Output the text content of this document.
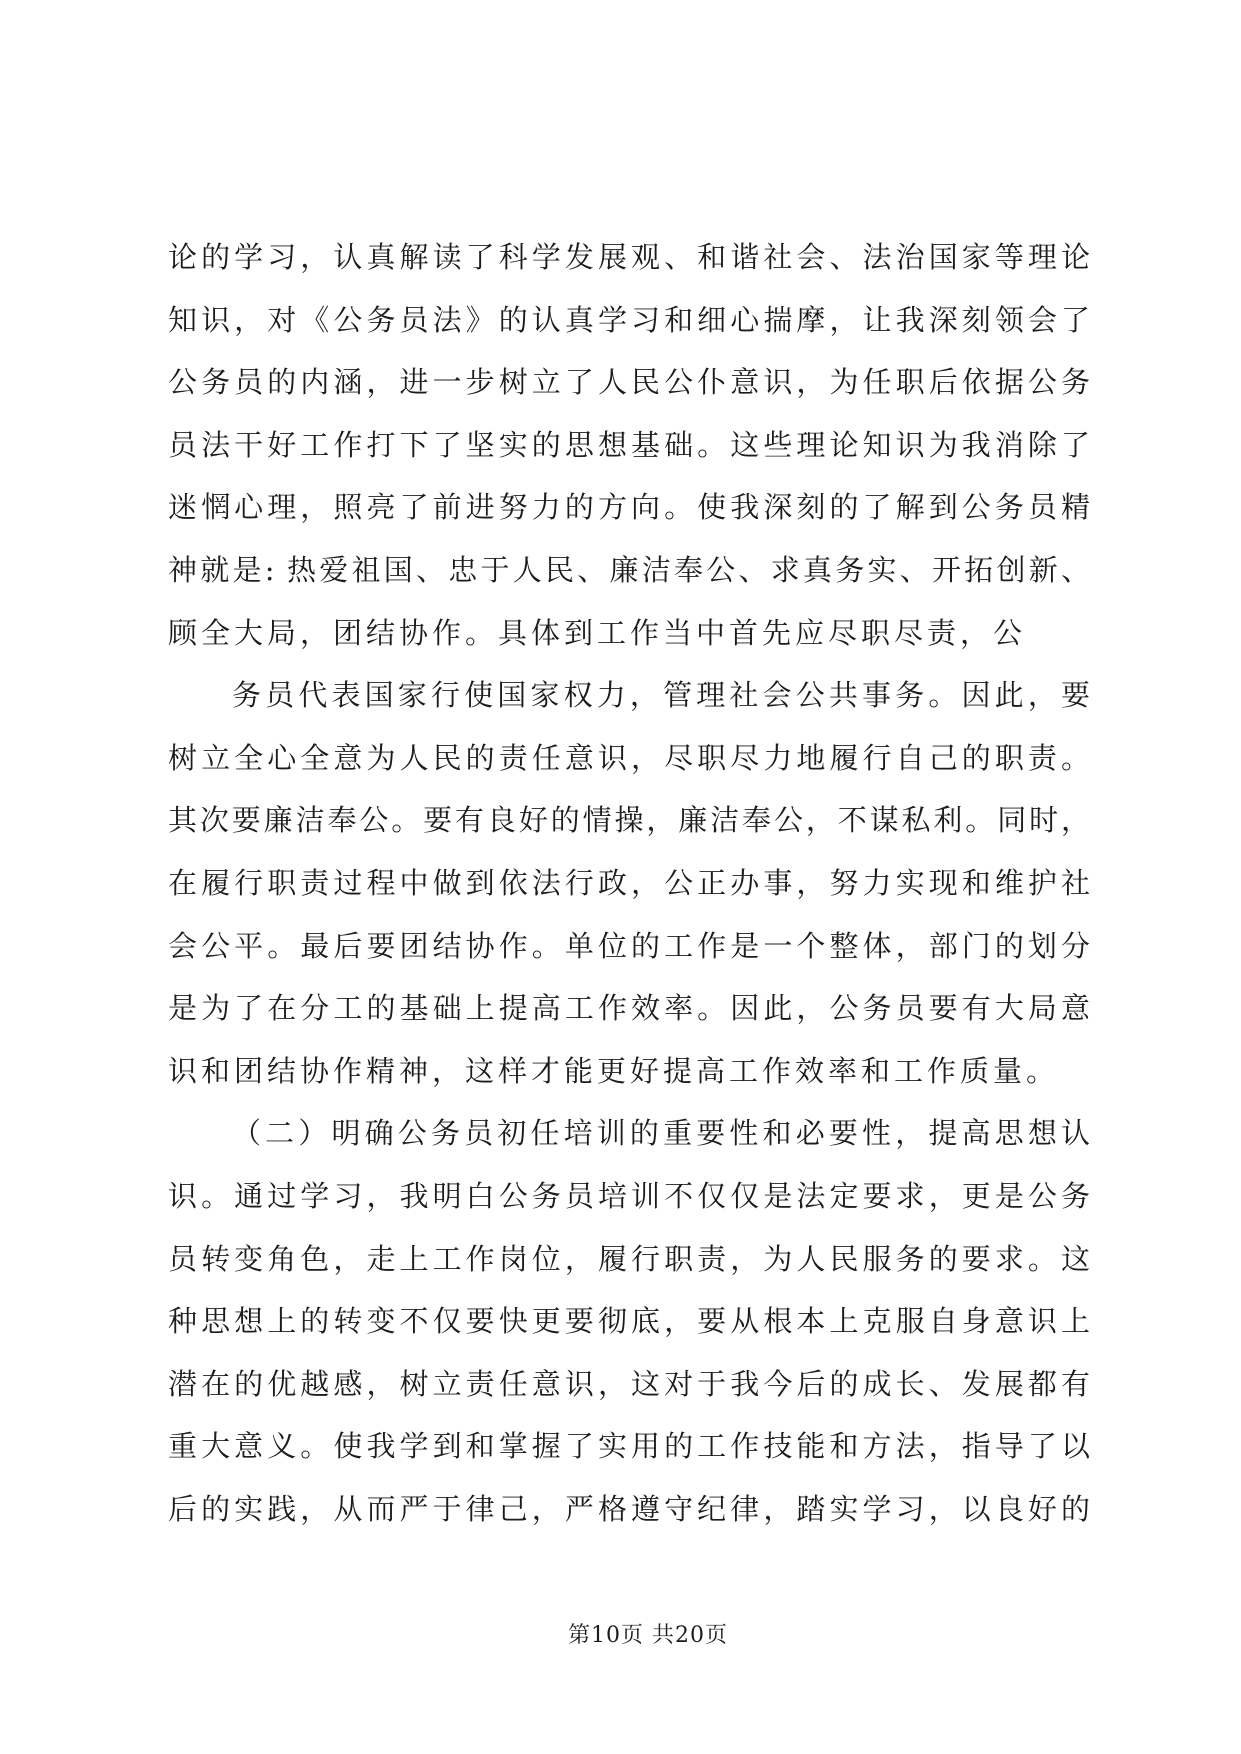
论的学习，认真解读了科学发展观、和谐社会、法治国家等理论
知识，对《公务员法》的认真学习和细心揣摩，让我深刻领会了
公务员的内涵，进一步树立了人民公仆意识，为任职后依据公务
员法干好工作打下了坚实的思想基础。这些理论知识为我消除了
迷惘心理，照亮了前进努力的方向。使我深刻的了解到公务员精
神就是: 热爱祖国、忠于人民、廉洁奉公、求真务实、开拓创新、
顾全大局，团结协作。具体到工作当中首先应尽职尽责，公
务员代表国家行使国家权力，管理社会公共事务。因此，要
树立全心全意为人民的责任意识，尽职尽力地履行自己的职责。
其次要廉洁奉公。要有良好的情操，廉洁奉公，不谋私利。同时，
在履行职责过程中做到依法行政，公正办事，努力实现和维护社
会公平。最后要团结协作。单位的工作是一个整体，部门的划分
是为了在分工的基础上提高工作效率。因此，公务员要有大局意
识和团结协作精神，这样才能更好提高工作效率和工作质量。
（二）明确公务员初任培训的重要性和必要性，提高思想认
识。通过学习，我明白公务员培训不仅仅是法定要求，更是公务
员转变角色，走上工作岗位，履行职责，为人民服务的要求。这
种思想上的转变不仅要快更要彻底，要从根本上克服自身意识上
潜在的优越感，树立责任意识，这对于我今后的成长、发展都有
重大意义。使我学到和掌握了实用的工作技能和方法，指导了以
后的实践，从而严于律己，严格遵守纪律，踏实学习，以良好的
第10页 共20页
